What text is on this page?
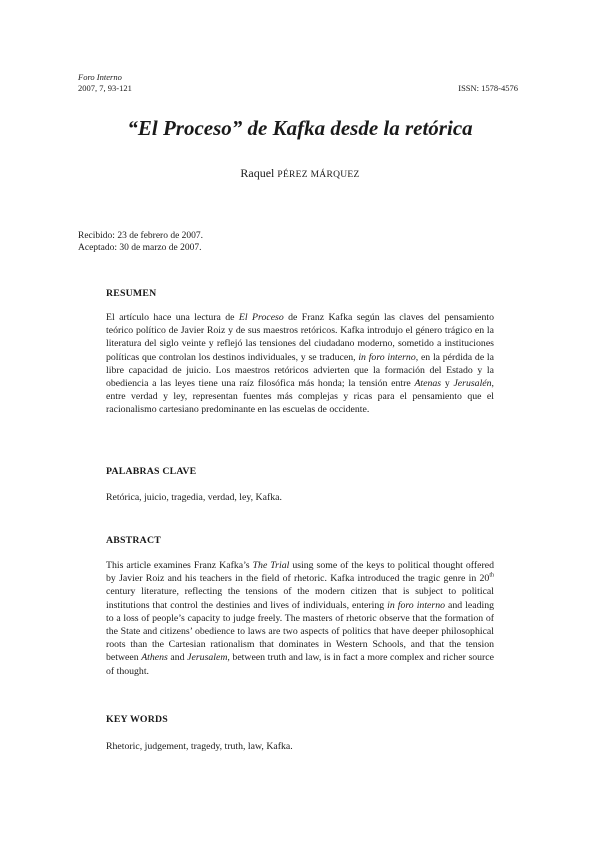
Foro Interno
2007, 7, 93-121	ISSN: 1578-4576
“El Proceso” de Kafka desde la retórica
Raquel PÉREZ MÁRQUEZ
Recibido: 23 de febrero de 2007.
Aceptado: 30 de marzo de 2007.
RESUMEN

El artículo hace una lectura de El Proceso de Franz Kafka según las claves del pensamiento teórico político de Javier Roiz y de sus maestros retóricos. Kafka introdujo el género trágico en la literatura del siglo veinte y reflejó las tensiones del ciudadano moderno, sometido a instituciones políticas que controlan los destinos individuales, y se traducen, in foro interno, en la pérdida de la libre capacidad de juicio. Los maestros retóricos advierten que la formación del Estado y la obediencia a las leyes tiene una raíz filosófica más honda; la tensión entre Atenas y Jerusalén, entre verdad y ley, representan fuentes más complejas y ricas para el pensamiento que el racionalismo cartesiano predominante en las escuelas de occidente.

PALABRAS CLAVE
Retórica, juicio, tragedia, verdad, ley, Kafka.
ABSTRACT

This article examines Franz Kafka’s The Trial using some of the keys to political thought offered by Javier Roiz and his teachers in the field of rhetoric. Kafka introduced the tragic genre in 20th century literature, reflecting the tensions of the modern citizen that is subject to political institutions that control the destinies and lives of individuals, entering in foro interno and leading to a loss of people’s capacity to judge freely. The masters of rhetoric observe that the formation of the State and citizens’ obedience to laws are two aspects of politics that have deeper philosophical roots than the Cartesian rationalism that dominates in Western Schools, and that the tension between Athens and Jerusalem, between truth and law, is in fact a more complex and richer source of thought.

KEY WORDS
Rhetoric, judgement, tragedy, truth, law, Kafka.
